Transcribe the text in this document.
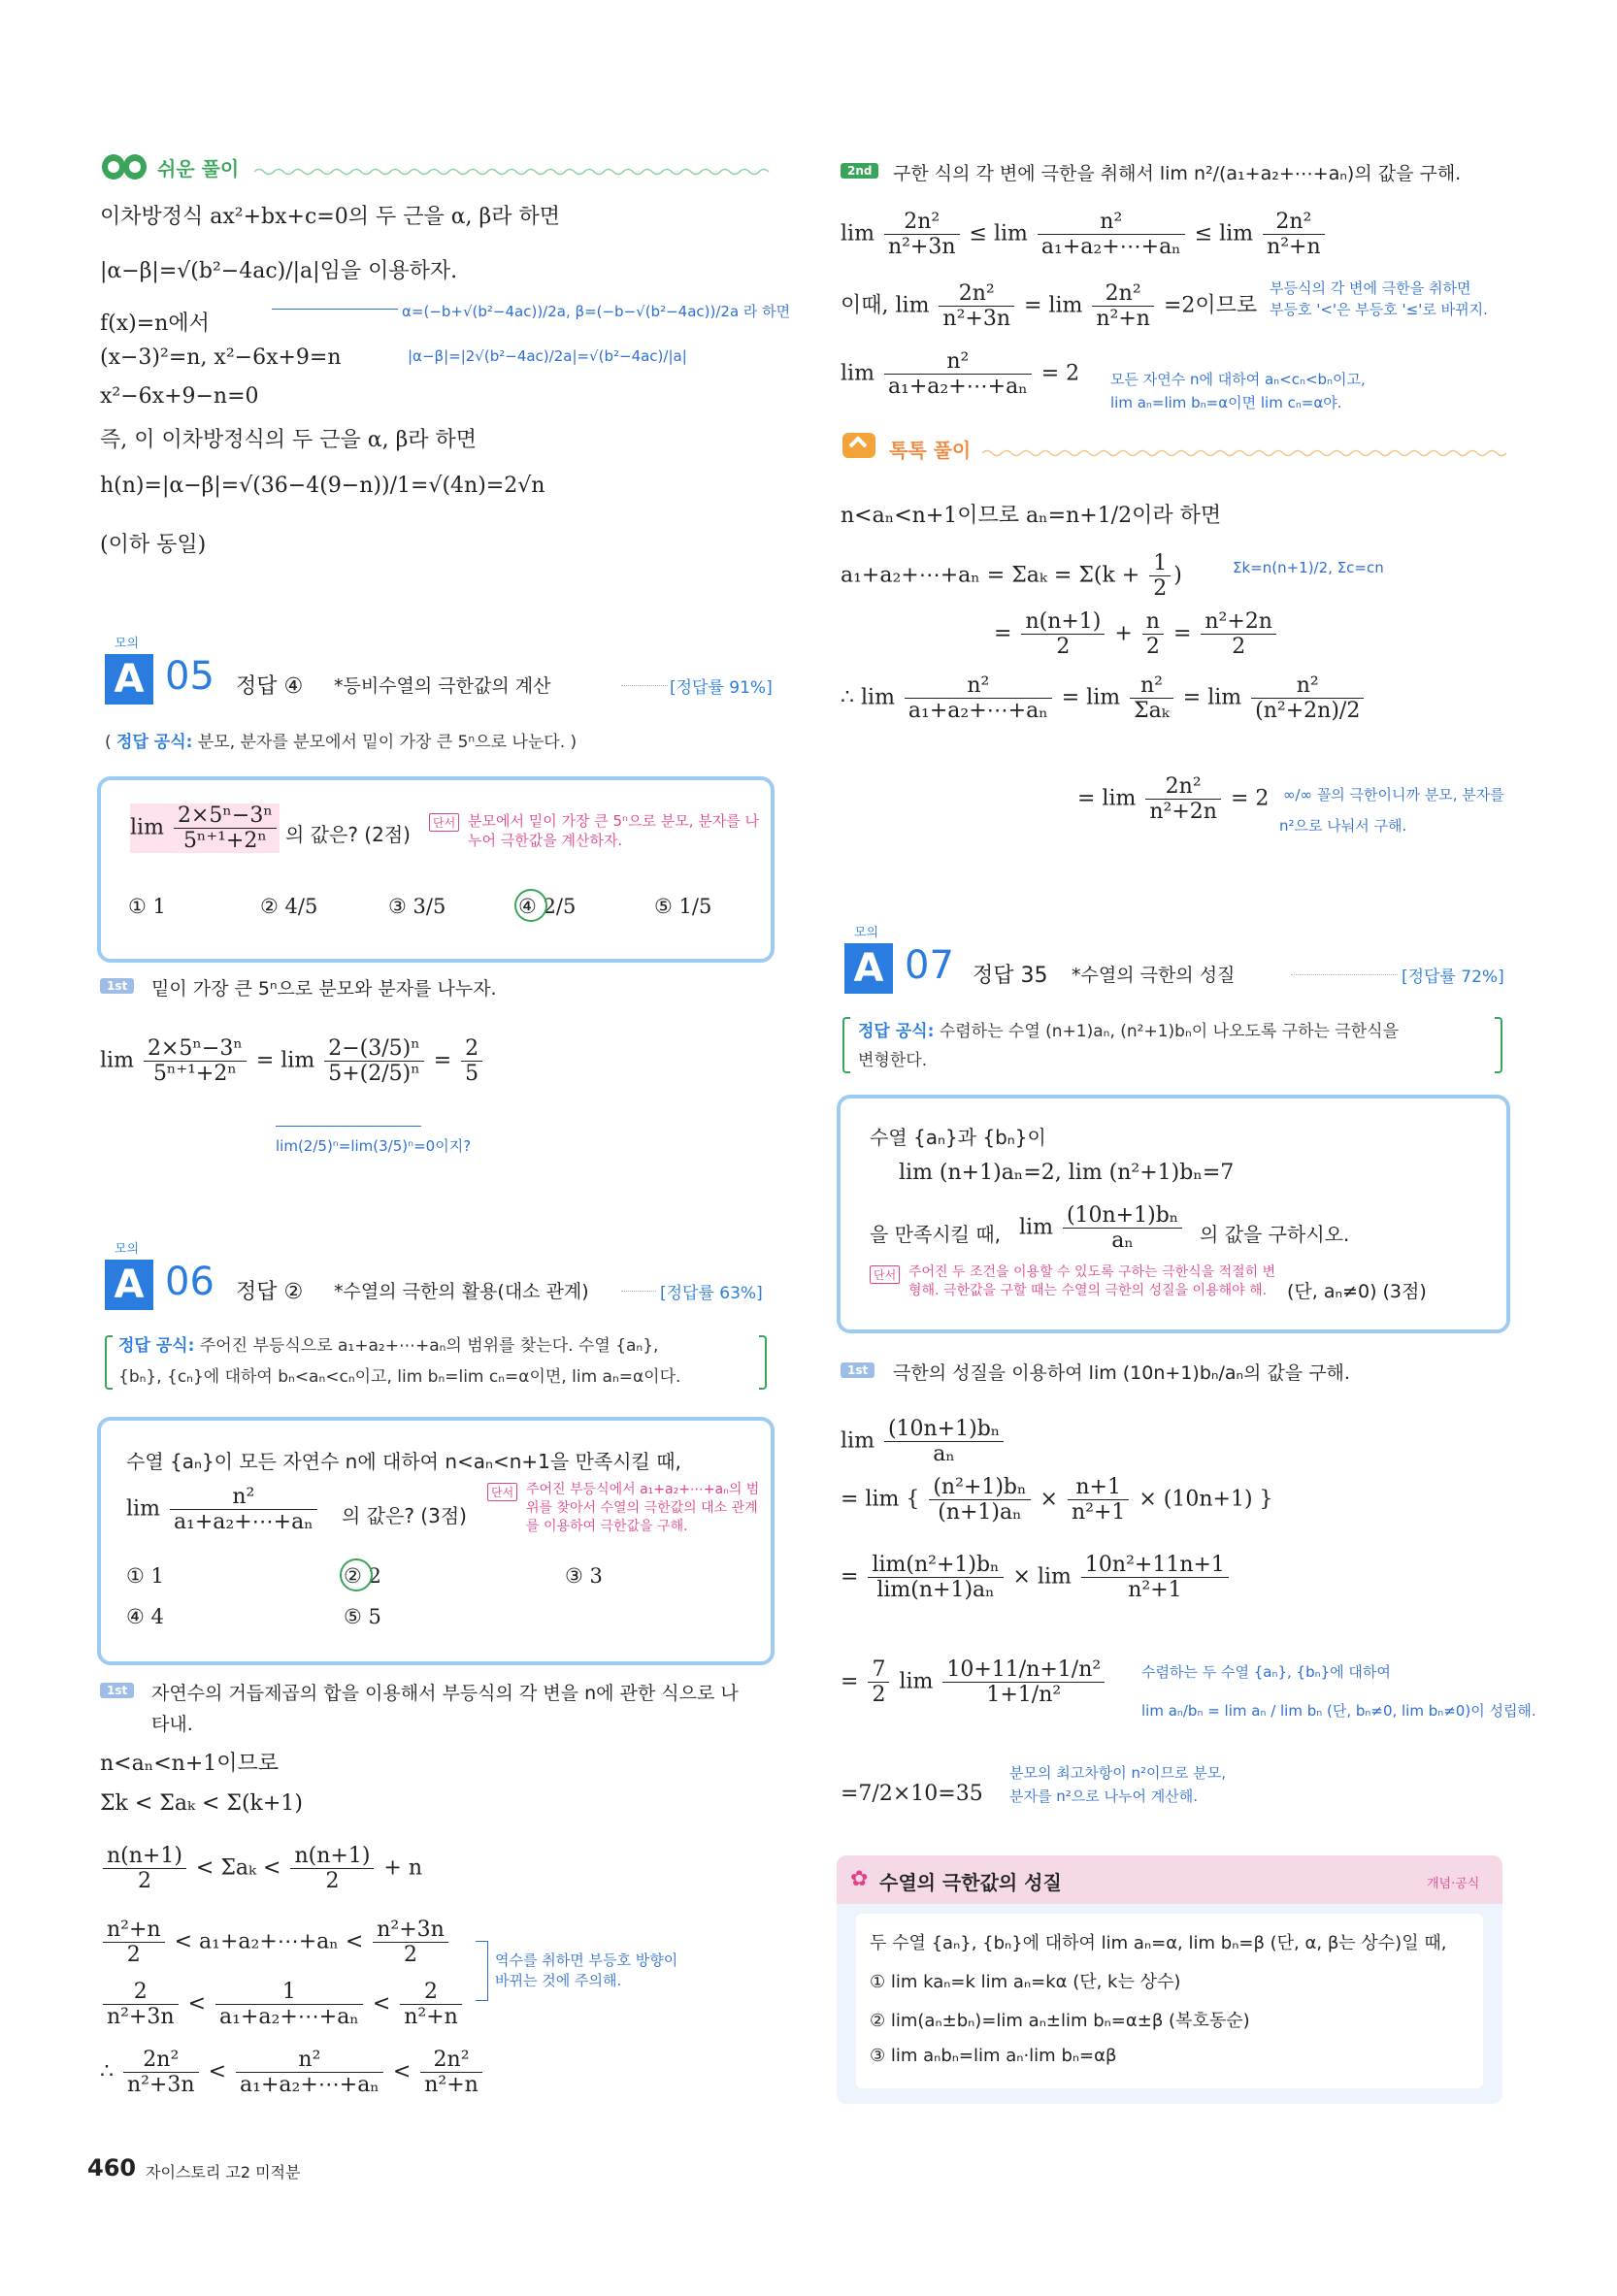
쉬운 풀이
이차방정식 ax²+bx+c=0의 두 근을 α, β라 하면
|α−β|=√(b²−4ac)/|a|임을 이용하자.
α=(−b+√(b²−4ac))/2a, β=(−b−√(b²−4ac))/2a 라 하면
f(x)=n에서
(x−3)²=n, x²−6x+9=n	|α−β|=|2√(b²−4ac)/2a|=√(b²−4ac)/|a|
x²−6x+9−n=0
즉, 이 이차방정식의 두 근을 α, β라 하면
h(n)=|α−β|=√(36−4(9−n))/1=√(4n)=2√n
(이하 동일)
모의
A 05 정답 ④ *등비수열의 극한값의 계산	[정답률 91%]
( 정답 공식: 분모, 분자를 분모에서 밑이 가장 큰 5ⁿ으로 나눈다. )
$\lim \frac{\text{2×5ⁿ−3ⁿ}}{\text{5ⁿ⁺¹+2ⁿ}}$ 의 값은? (2점)	단서 분모에서 밑이 가장 큰 5ⁿ으로 분모, 분자를 나누어 극한값을 계산하자.
① 1	② 4/5	③ 3/5	④ 2/5	⑤ 1/5
1st	밑이 가장 큰 5ⁿ으로 분모와 분자를 나누자.
$\lim \frac{\text{2×5ⁿ−3ⁿ}}{\text{5ⁿ⁺¹+2ⁿ}} = \lim \frac{\text{2−(3/5)ⁿ}}{\text{5+(2/5)ⁿ}} = \frac{2}{5}$
lim(2/5)ⁿ=lim(3/5)ⁿ=0이지?
모의
A 06 정답 ② *수열의 극한의 활용(대소 관계)	[정답률 63%]
정답 공식: 주어진 부등식으로 a₁+a₂+⋯+aₙ의 범위를 찾는다. 수열 {aₙ},
{bₙ}, {cₙ}에 대하여 bₙ<aₙ<cₙ이고, lim bₙ=lim cₙ=α이면, lim aₙ=α이다.
수열 {aₙ}이 모든 자연수 n에 대하여 n<aₙ<n+1을 만족시킬 때,
$\lim \frac{\text{n²}}{\text{a₁+a₂+⋯+aₙ}}$ 의 값은? (3점)
단서 주어진 부등식에서 a₁+a₂+⋯+aₙ의 범위를 찾아서 수열의 극한값의 대소 관계를 이용하여 극한값을 구해.
① 1	② 2	③ 3
④ 4	⑤ 5
1st	자연수의 거듭제곱의 합을 이용해서 부등식의 각 변을 n에 관한 식으로 나
타내.
n<aₙ<n+1이므로
Σk < Σaₖ < Σ(k+1)
$\frac{n(n+1)}{2} < \Sigma a_k < \frac{n(n+1)}{2} + n$
$\frac{\text{n²+n}}{2}$ < a₁+a₂+⋯+aₙ < $\frac{\text{n²+3n}}{2}$	역수를 취하면 부등호 방향이 바뀌는 것에 주의해.
$\frac{2}{\text{n²+3n}} < \frac{1}{\text{a₁+a₂+⋯+aₙ}} < \frac{2}{\text{n²+n}}$
∴ $\frac{\text{2n²}}{\text{n²+3n}} < \frac{\text{n²}}{\text{a₁+a₂+⋯+aₙ}} < \frac{\text{2n²}}{\text{n²+n}}$
460 자이스토리 고2 미적분
2nd	구한 식의 각 변에 극한을 취해서 lim n²/(a₁+a₂+⋯+aₙ)의 값을 구해.
$\lim \frac{\text{2n²}}{\text{n²+3n}} \le \lim \frac{\text{n²}}{\text{a₁+a₂+⋯+aₙ}} \le \lim \frac{\text{2n²}}{\text{n²+n}}$
부등식의 각 변에 극한을 취하면
부등호 '<'은 부등호 '≤'로 바뀌지.
이때, $\lim \frac{\text{2n²}}{\text{n²+3n}} = \lim \frac{\text{2n²}}{\text{n²+n}} =2$이므로
$\lim \frac{\text{n²}}{\text{a₁+a₂+⋯+aₙ}} = 2$ 모든 자연수 n에 대하여 aₙ<cₙ<bₙ이고,
lim aₙ=lim bₙ=α이면 lim cₙ=α야.
톡톡 풀이
n<aₙ<n+1이므로 aₙ=n+1/2이라 하면
a₁+a₂+⋯+aₙ = $\Sigma a_k = \Sigma(k + \frac{1}{2}$ )	Σk=n(n+1)/2, Σc=cn
= $\frac{n(n+1)}{2} + \frac{n}{2} = \frac{\text{n²+2n}}{2}$
∴ $\lim \frac{\text{n²}}{\text{a₁+a₂+⋯+aₙ}} = \lim \frac{\text{n²}}{\text{Σaₖ}} = \lim \frac{\text{n²}}{\text{(n²+2n)/2}}$
= $\lim \frac{\text{2n²}}{\text{n²+2n}} = 2$ ∞/∞ 꼴의 극한이니까 분모, 분자를
n²으로 나눠서 구해.
모의
A 07 정답 35 *수열의 극한의 성질	[정답률 72%]
정답 공식: 수렴하는 수열 (n+1)aₙ, (n²+1)bₙ이 나오도록 구하는 극한식을
변형한다.
수열 {aₙ}과 {bₙ}이
lim (n+1)aₙ=2, lim (n²+1)bₙ=7
을 만족시킬 때, $\lim \frac{\text{(10n+1)bₙ}}{\text{aₙ}}$ 의 값을 구하시오.
단서 주어진 두 조건을 이용할 수 있도록 구하는 극한식을 적절히 변형해. 극한값을 구할 때는 수열의 극한의 성질을 이용해야 해.	(단, aₙ≠0) (3점)
1st	극한의 성질을 이용하여 lim (10n+1)bₙ/aₙ의 값을 구해.
$\lim \frac{\text{(10n+1)bₙ}}{\text{aₙ}}$
= lim { $\frac{\text{(n²+1)bₙ}}{\text{(n+1)aₙ}} \times \frac{n+1}{\text{n²+1}} \times (10n+1)$ }
= $\frac{\text{lim(n²+1)bₙ}}{\text{lim(n+1)aₙ}} \times \lim \frac{\text{10n²+11n+1}}{\text{n²+1}}$
= $\frac{7}{2}$ $\lim \frac{\text{10+11/n+1/n²}}{\text{1+1/n²}}$	수렴하는 두 수열 {aₙ}, {bₙ}에 대하여
lim aₙ/bₙ = lim aₙ / lim bₙ (단, bₙ≠0, lim bₙ≠0)이 성립해.
분모의 최고차항이 n²이므로 분모,
분자를 n²으로 나누어 계산해.
=7/2×10=35
✿ 수열의 극한값의 성질	개념·공식
두 수열 {aₙ}, {bₙ}에 대하여 lim aₙ=α, lim bₙ=β (단, α, β는 상수)일 때,
① lim kaₙ=k lim aₙ=kα (단, k는 상수)
② lim(aₙ±bₙ)=lim aₙ±lim bₙ=α±β (복호동순)
③ lim aₙbₙ=lim aₙ·lim bₙ=αβ
